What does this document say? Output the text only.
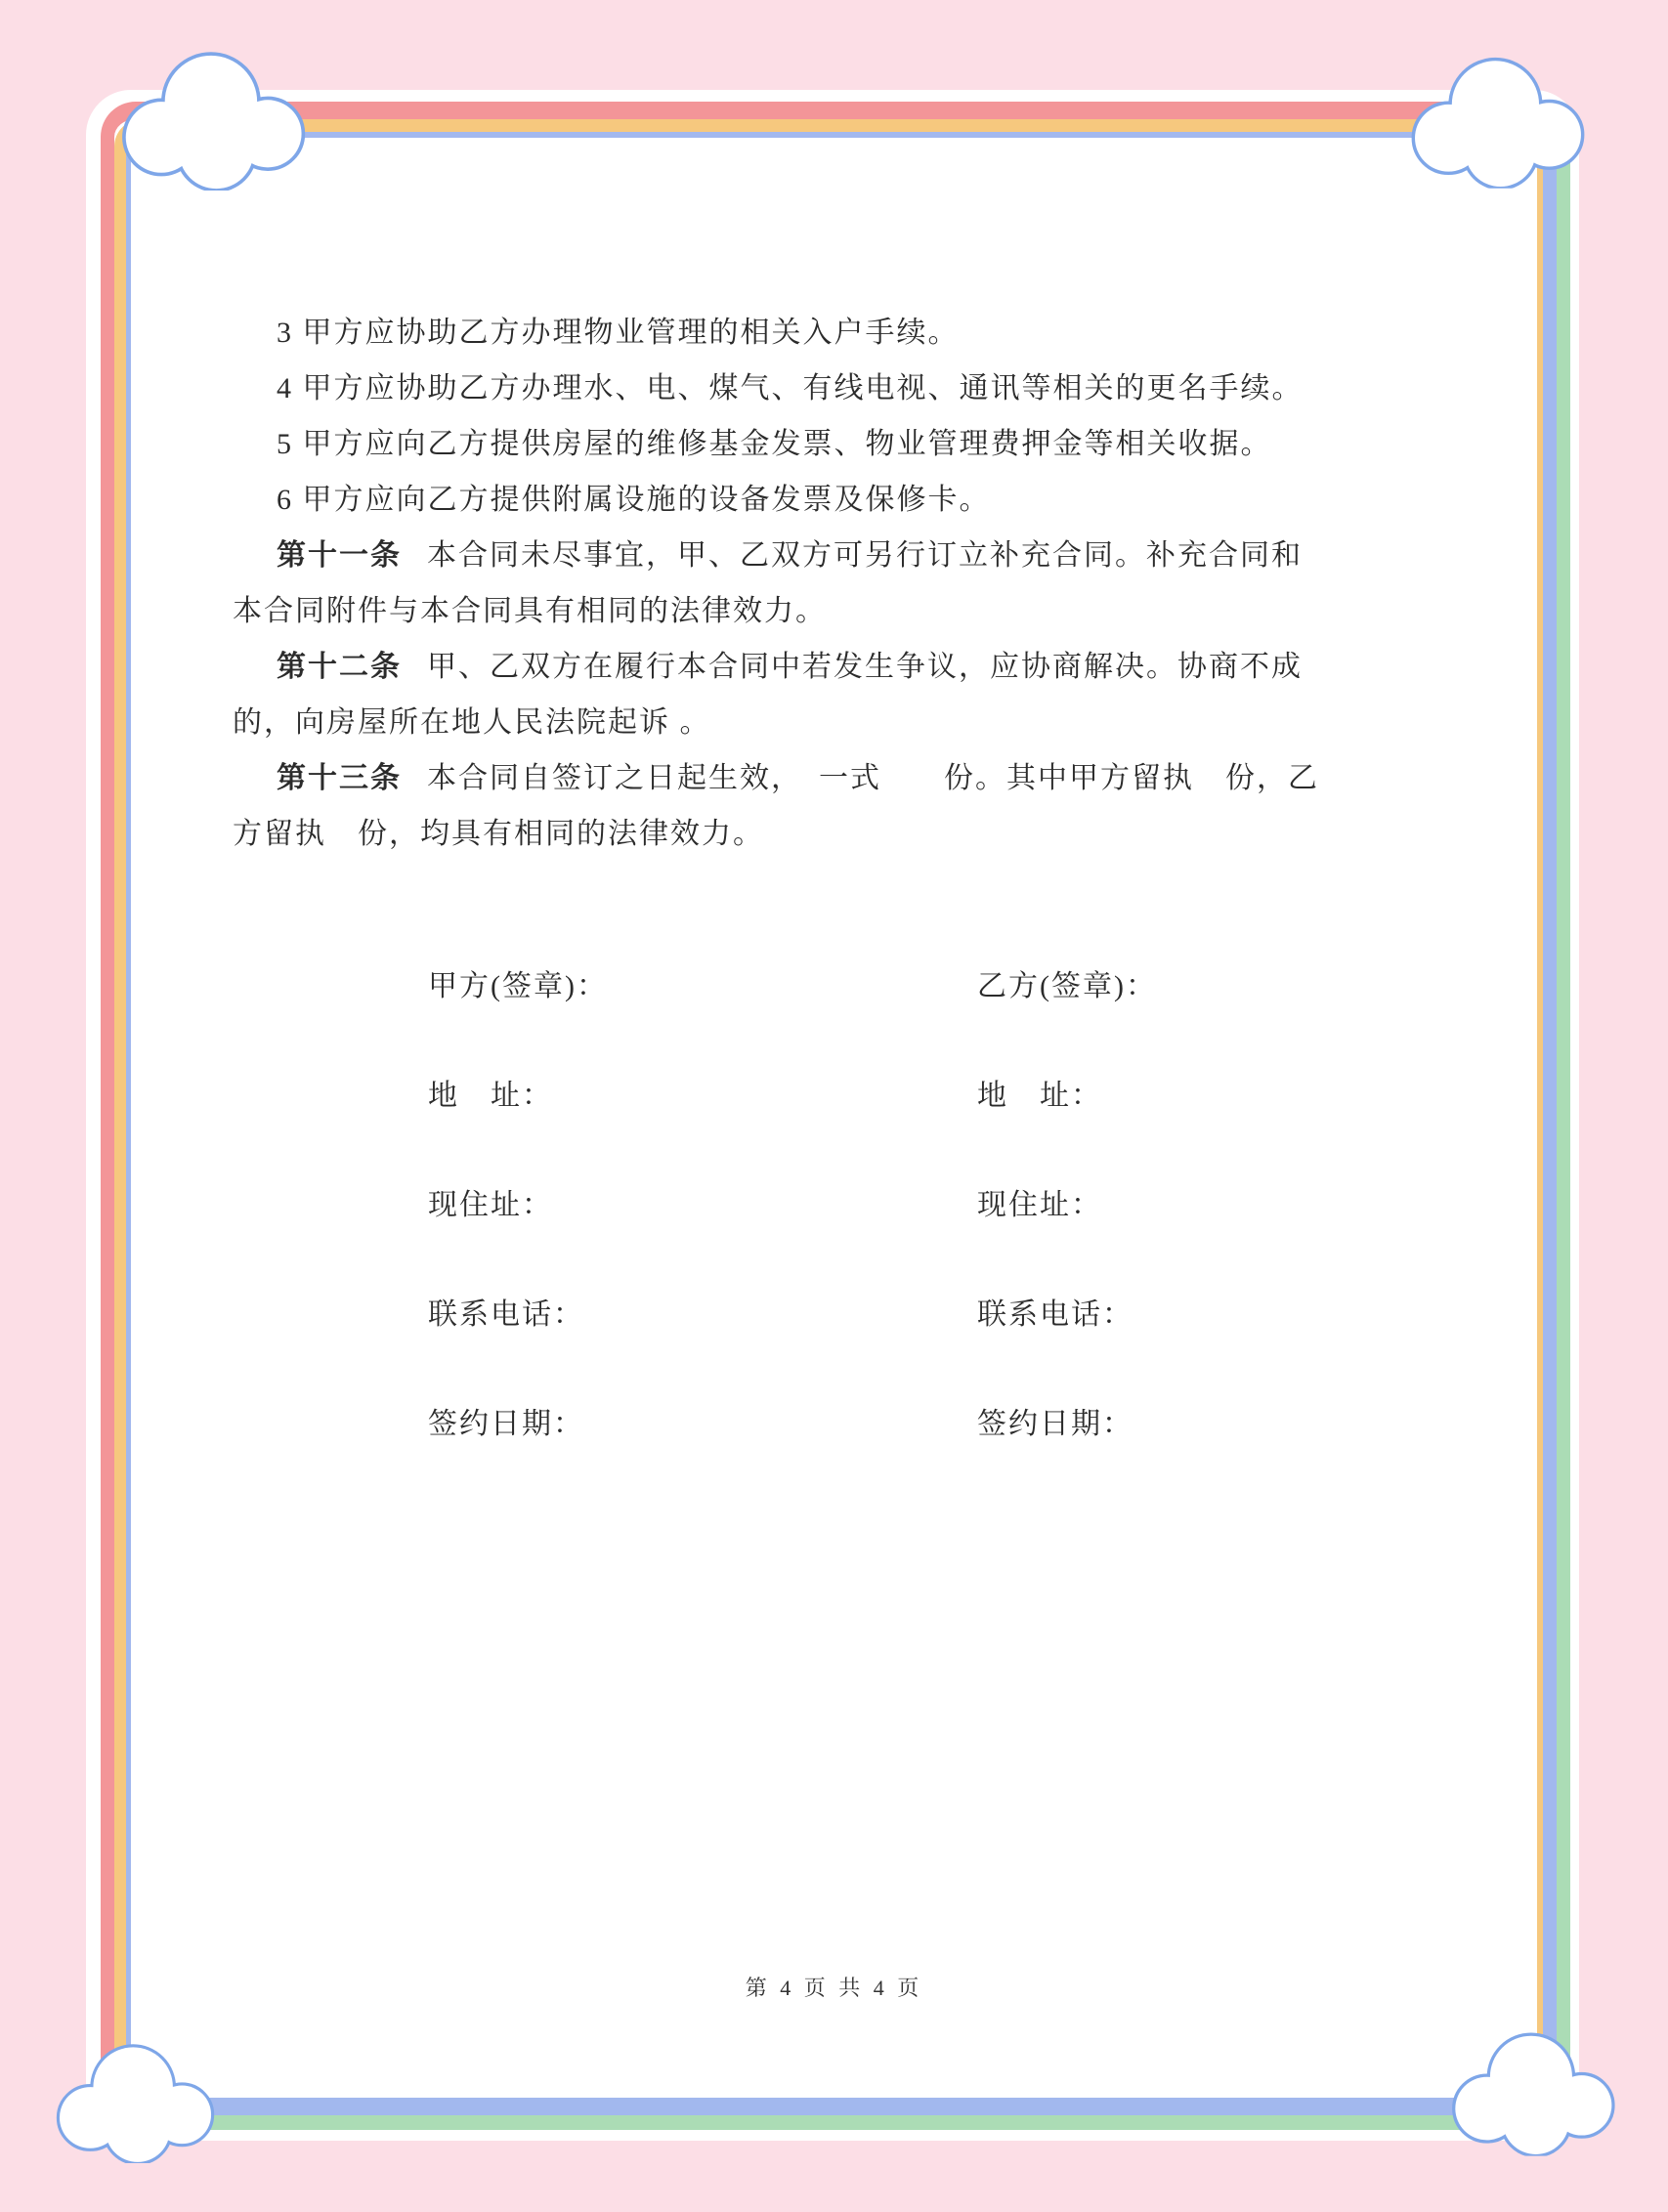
3 甲方应协助乙方办理物业管理的相关入户手续。

4 甲方应协助乙方办理水、电、煤气、有线电视、通讯等相关的更名手续。

5 甲方应向乙方提供房屋的维修基金发票、物业管理费押金等相关收据。

6 甲方应向乙方提供附属设施的设备发票及保修卡。

第十一条 本合同未尽事宜，甲、乙双方可另行订立补充合同。补充合同和

本合同附件与本合同具有相同的法律效力。

第十二条 甲、乙双方在履行本合同中若发生争议，应协商解决。协商不成

的，向房屋所在地人民法院起诉 。

第十三条 本合同自签订之日起生效，　一式　　份。其中甲方留执　份，乙

方留执　份，均具有相同的法律效力。

甲方(签章)：

地　址：

现住址：

联系电话：

签约日期：

乙方(签章)：

地　址：

现住址：

联系电话：

签约日期：

第 4 页 共 4 页
